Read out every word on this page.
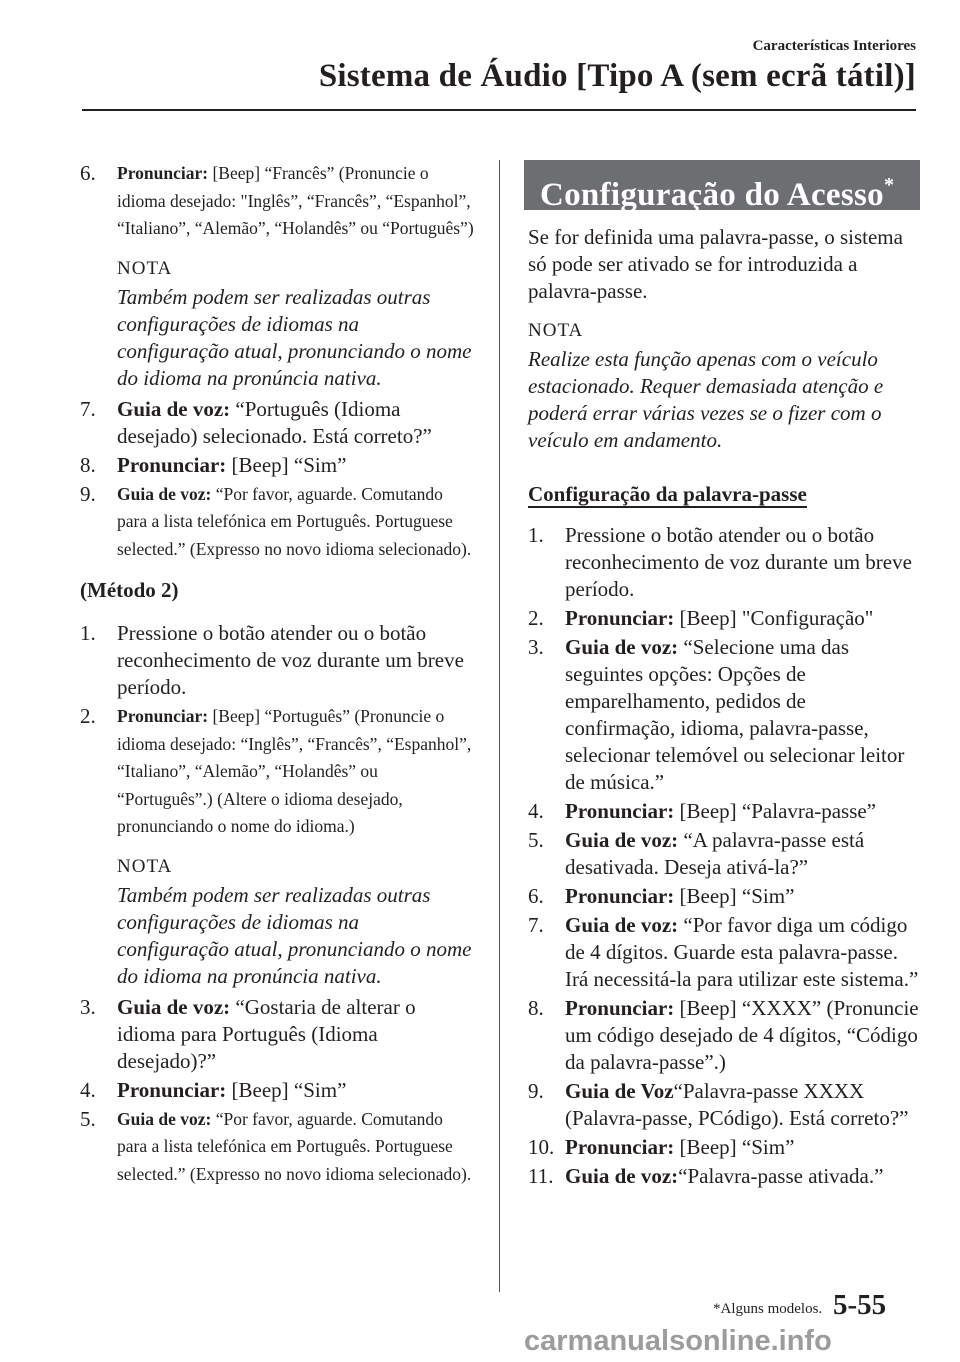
Características Interiores
Sistema de Áudio [Tipo A (sem ecrã tátil)]
6.	Pronunciar: [Beep] “Francês” (Pronuncie o idioma desejado: "Inglês”, “Francês”, “Espanhol”, “Italiano”, “Alemão”, “Holandês” ou “Português”)
NOTA
Também podem ser realizadas outras configurações de idiomas na configuração atual, pronunciando o nome do idioma na pronúncia nativa.
7.	Guia de voz: “Português (Idioma desejado) selecionado. Está correto?”
8.	Pronunciar: [Beep] “Sim”
9.	Guia de voz: “Por favor, aguarde. Comutando para a lista telefónica em Português. Portuguese selected.” (Expresso no novo idioma selecionado).
(Método 2)
1.	Pressione o botão atender ou o botão reconhecimento de voz durante um breve período.
2.	Pronunciar: [Beep] “Português” (Pronuncie o idioma desejado: “Inglês”, “Francês”, “Espanhol”, “Italiano”, “Alemão”, “Holandês” ou “Português”.) (Altere o idioma desejado, pronunciando o nome do idioma.)
NOTA
Também podem ser realizadas outras configurações de idiomas na configuração atual, pronunciando o nome do idioma na pronúncia nativa.
3.	Guia de voz: “Gostaria de alterar o idioma para Português (Idioma desejado)?”
4.	Pronunciar: [Beep] “Sim”
5.	Guia de voz: “Por favor, aguarde. Comutando para a lista telefónica em Português. Portuguese selected.” (Expresso no novo idioma selecionado).
Configuração do Acesso*
Se for definida uma palavra-passe, o sistema só pode ser ativado se for introduzida a palavra-passe.
NOTA
Realize esta função apenas com o veículo estacionado. Requer demasiada atenção e poderá errar várias vezes se o fizer com o veículo em andamento.
Configuração da palavra-passe
1.	Pressione o botão atender ou o botão reconhecimento de voz durante um breve período.
2.	Pronunciar: [Beep] "Configuração"
3.	Guia de voz: “Selecione uma das seguintes opções: Opções de emparelhamento, pedidos de confirmação, idioma, palavra-passe, selecionar telemóvel ou selecionar leitor de música.”
4.	Pronunciar: [Beep] “Palavra-passe”
5.	Guia de voz: “A palavra-passe está desativada. Deseja ativá-la?”
6.	Pronunciar: [Beep] “Sim”
7.	Guia de voz: “Por favor diga um código de 4 dígitos. Guarde esta palavra-passe. Irá necessitá-la para utilizar este sistema.”
8.	Pronunciar: [Beep] “XXXX” (Pronuncie um código desejado de 4 dígitos, “Código da palavra-passe”.)
9.	Guia de Voz“Palavra-passe XXXX (Palavra-passe, PCódigo). Está correto?”
10. Pronunciar: [Beep] “Sim”
11. Guia de voz:“Palavra-passe ativada.”
*Alguns modelos. 5-55
carmanualsonline.info
